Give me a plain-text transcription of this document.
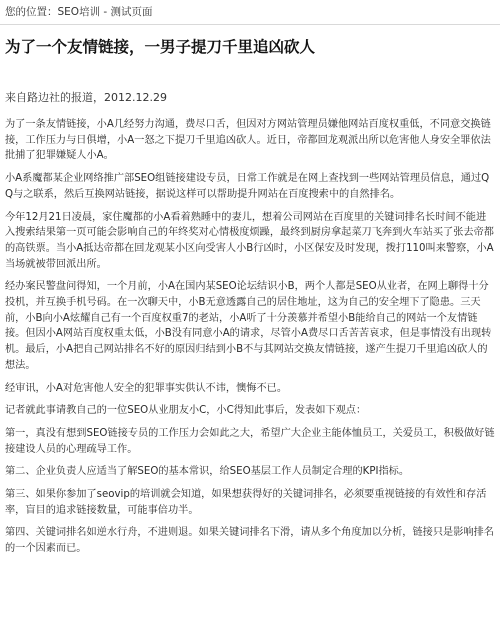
您的位置：SEO培训 - 测试页面
为了一个友情链接，一男子提刀千里追凶砍人
来自路边社的报道，2012.12.29

为了一条友情链接，小A几经努力沟通，费尽口舌，但因对方网站管理员嫌他网站百度权重低，不同意交换链接，工作压力与日俱增，小A一怒之下提刀千里追凶砍人。近日，帝都回龙观派出所以危害他人身安全罪依法批捕了犯罪嫌疑人小A。

小A系魔都某企业网络推广部SEO组链接建设专员，日常工作就是在网上查找到一些网站管理员信息，通过QQ与之联系，然后互换网站链接，据说这样可以帮助提升网站在百度搜索中的自然排名。

今年12月21日凌晨，家住魔都的小A看着熟睡中的妻儿，想着公司网站在百度里的关键词排名长时间不能进入搜索结果第一页可能会影响自己的年终奖对心情极度烦躁，最终到厨房拿起菜刀飞奔到火车站买了张去帝都的高铁票。当小A抵达帝都在回龙观某小区向受害人小B行凶时，小区保安及时发现，拨打110叫来警察，小A当场就被带回派出所。

经办案民警盘问得知，一个月前，小A在国内某SEO论坛结识小B，两个人都是SEO从业者，在网上聊得十分投机，并互换手机号码。在一次聊天中，小B无意透露自己的居住地址，这为自己的安全埋下了隐患。三天前，小B向小A炫耀自己有一个百度权重7的老站，小A听了十分羡慕并希望小B能给自己的网站一个友情链接。但因小A网站百度权重太低，小B没有同意小A的请求，尽管小A费尽口舌苦苦哀求，但是事情没有出现转机。最后，小A把自己网站排名不好的原因归结到小B不与其网站交换友情链接，遂产生提刀千里追凶砍人的想法。

经审讯，小A对危害他人安全的犯罪事实供认不讳，懊悔不已。

记者就此事请教自己的一位SEO从业朋友小C，小C得知此事后，发表如下观点：

第一，真没有想到SEO链接专员的工作压力会如此之大，希望广大企业主能体恤员工，关爱员工，积极做好链接建设人员的心理疏导工作。

第二、企业负责人应适当了解SEO的基本常识，给SEO基层工作人员制定合理的KPI指标。

第三、如果你参加了seovip的培训就会知道，如果想获得好的关键词排名，必须要重视链接的有效性和存活率，盲目的追求链接数量，可能事倍功半。

第四、关键词排名如逆水行舟，不进则退。如果关键词排名下滑，请从多个角度加以分析，链接只是影响排名的一个因素而已。
